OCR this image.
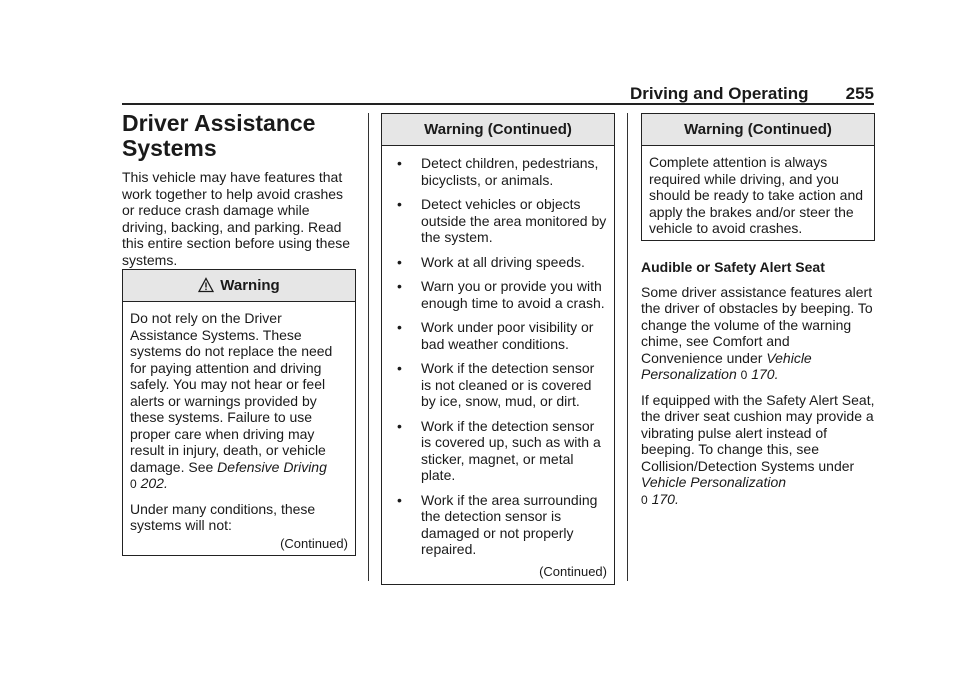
Driving and Operating 255
Driver Assistance
Systems

This vehicle may have features that work together to help avoid crashes or reduce crash damage while driving, backing, and parking. Read this entire section before using these systems.

Warning

Do not rely on the Driver Assistance Systems. These systems do not replace the need for paying attention and driving safely. You may not hear or feel alerts or warnings provided by these systems. Failure to use proper care when driving may result in injury, death, or vehicle damage. See Defensive Driving
0 202.

Under many conditions, these systems will not:

(Continued)
Warning (Continued)
• Detect children, pedestrians, bicyclists, or animals.
• Detect vehicles or objects outside the area monitored by the system.
• Work at all driving speeds.
• Warn you or provide you with enough time to avoid a crash.
• Work under poor visibility or bad weather conditions.
• Work if the detection sensor is not cleaned or is covered by ice, snow, mud, or dirt.
• Work if the detection sensor is covered up, such as with a sticker, magnet, or metal plate.
• Work if the area surrounding the detection sensor is damaged or not properly repaired.
(Continued)
Warning (Continued)

Complete attention is always required while driving, and you should be ready to take action and apply the brakes and/or steer the vehicle to avoid crashes.

Audible or Safety Alert Seat

Some driver assistance features alert the driver of obstacles by beeping. To change the volume of the warning chime, see Comfort and Convenience under Vehicle Personalization 0 170.

If equipped with the Safety Alert Seat, the driver seat cushion may provide a vibrating pulse alert instead of beeping. To change this, see Collision/Detection Systems under Vehicle Personalization
0 170.
